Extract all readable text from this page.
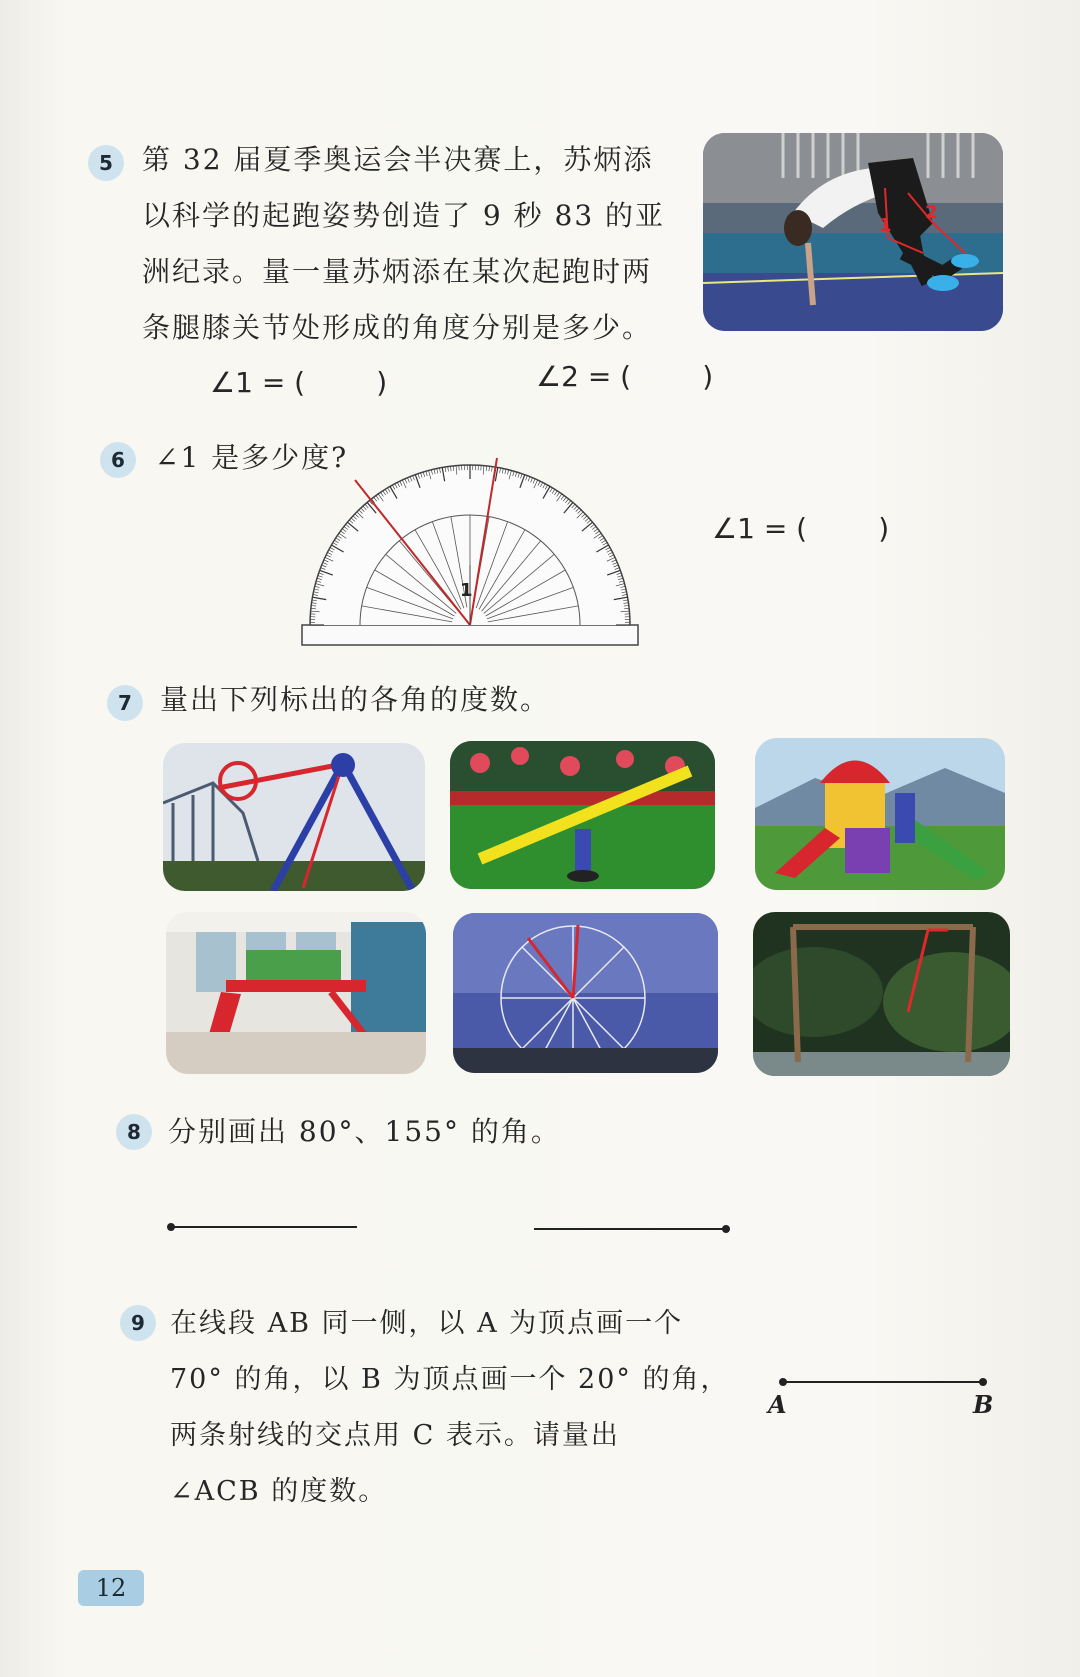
5	第 32 届夏季奥运会半决赛上，苏炳添
以科学的起跑姿势创造了 9 秒 83 的亚
洲纪录。量一量苏炳添在某次起跑时两
条腿膝关节处形成的角度分别是多少。
∠1 = (        )	∠2 = (        )
1
2
6	∠1 是多少度?
∠1 = (        )
1
7	量出下列标出的各角的度数。
8 分别画出 80°、155° 的角。
9 在线段 AB 同一侧，以 A 为顶点画一个
70° 的角，以 B 为顶点画一个 20° 的角，
两条射线的交点用 C 表示。请量出
∠ACB 的度数。
A	B
12
